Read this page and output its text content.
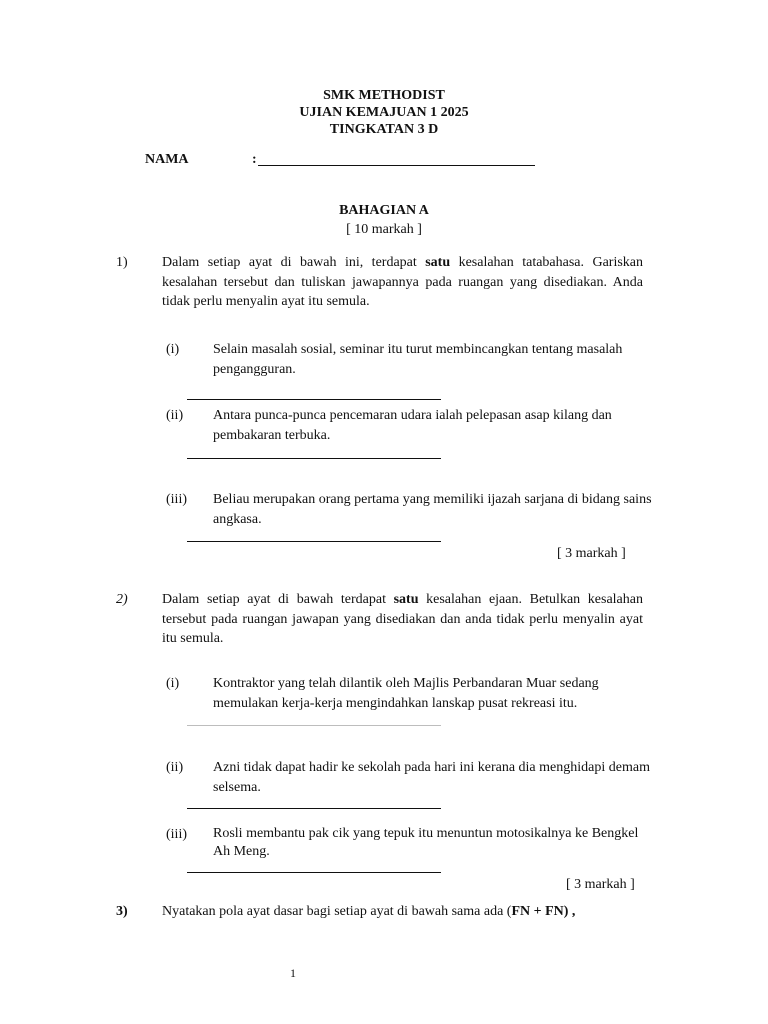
SMK METHODIST
UJIAN KEMAJUAN 1 2025
TINGKATAN 3 D
NAMA	:
BAHAGIAN A
[ 10 markah ]
1) Dalam setiap ayat di bawah ini, terdapat satu kesalahan tatabahasa. Gariskan kesalahan tersebut dan tuliskan jawapannya pada ruangan yang disediakan. Anda tidak perlu menyalin ayat itu semula.
(i) Selain masalah sosial, seminar itu turut membincangkan tentang masalah pengangguran.
(ii) Antara punca-punca pencemaran udara ialah pelepasan asap kilang dan pembakaran terbuka.
(iii) Beliau merupakan orang pertama yang memiliki ijazah sarjana di bidang sains angkasa.
[ 3 markah ]
2) Dalam setiap ayat di bawah terdapat satu kesalahan ejaan. Betulkan kesalahan tersebut pada ruangan jawapan yang disediakan dan anda tidak perlu menyalin ayat itu semula.
(i) Kontraktor yang telah dilantik oleh Majlis Perbandaran Muar sedang memulakan kerja-kerja mengindahkan lanskap pusat rekreasi itu.
(ii) Azni tidak dapat hadir ke sekolah pada hari ini kerana dia menghidapi demam selsema.
(iii) Rosli membantu pak cik yang tepuk itu menuntun motosikalnya ke Bengkel Ah Meng.
[ 3 markah ]
3) Nyatakan pola ayat dasar bagi setiap ayat di bawah sama ada (FN + FN) ,
1
